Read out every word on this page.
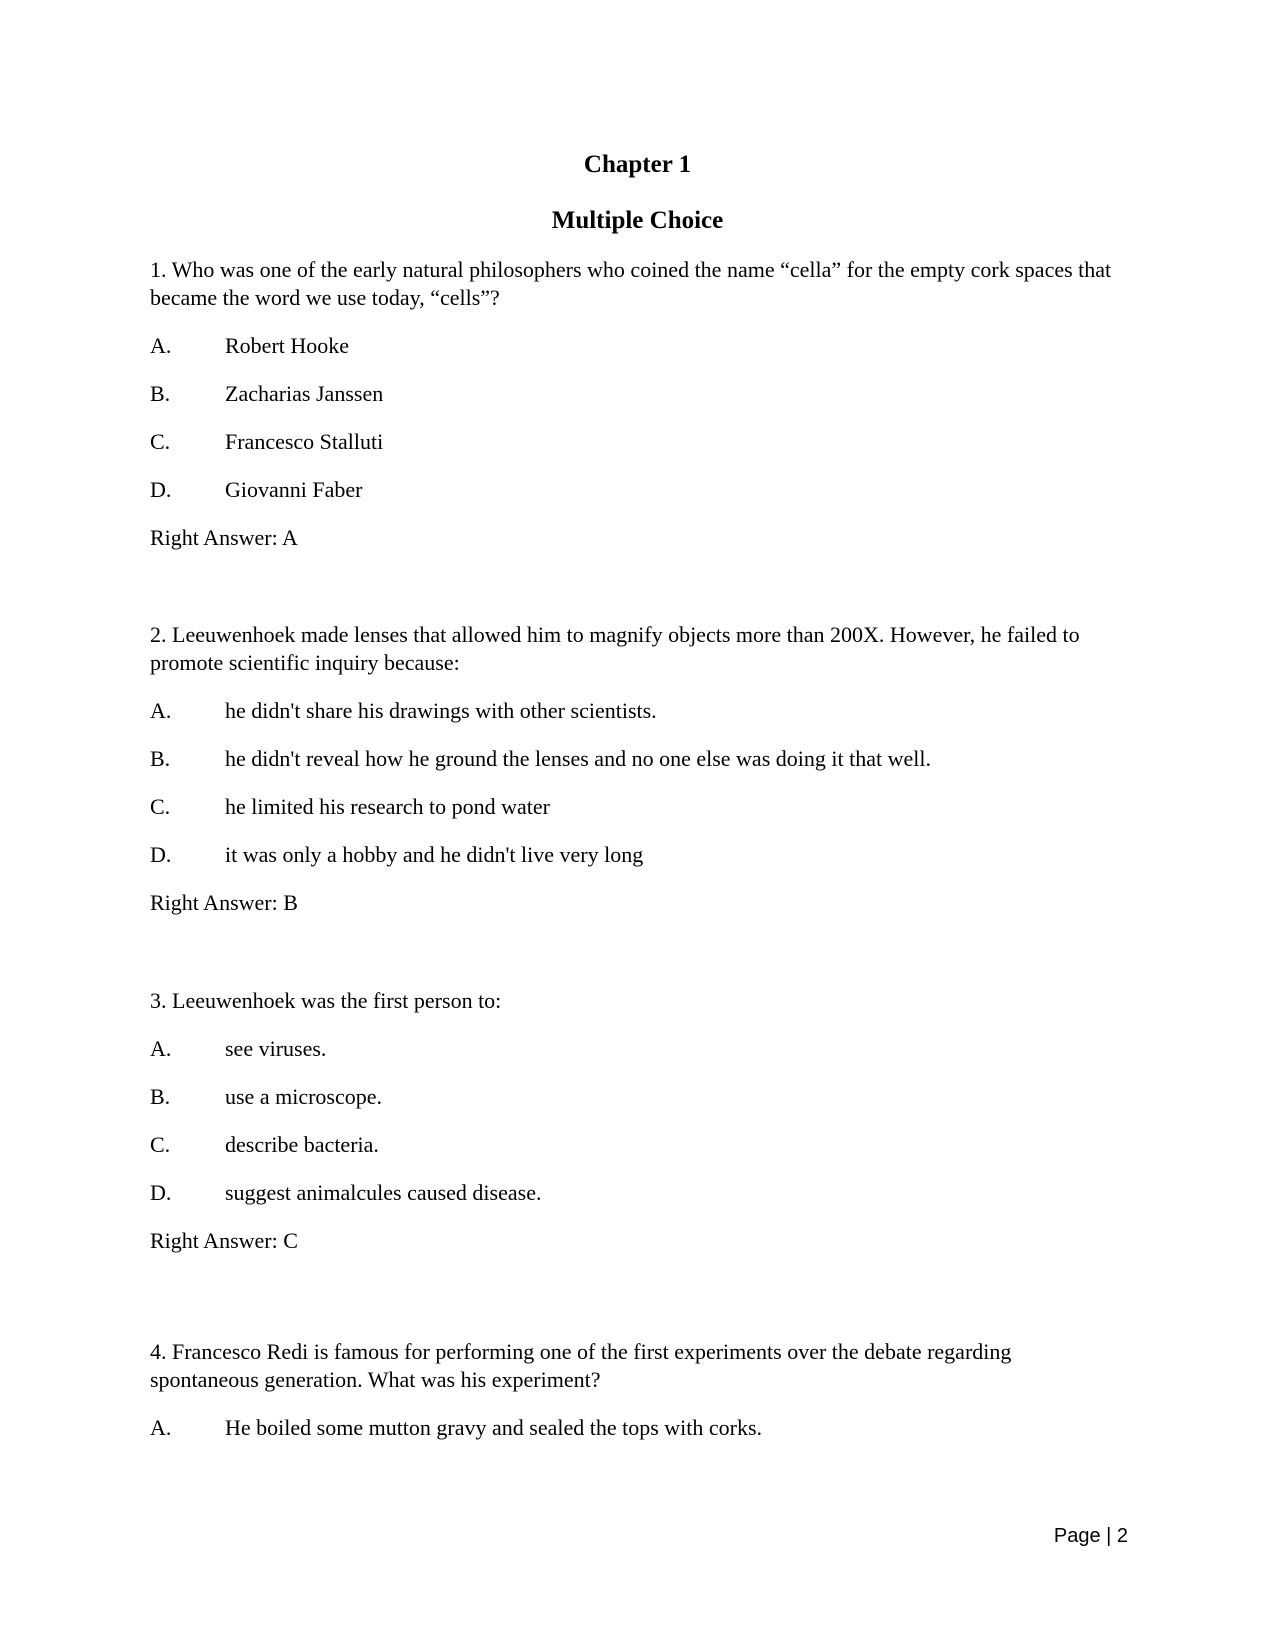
Chapter 1
Multiple Choice

1. Who was one of the early natural philosophers who coined the name “cella” for the empty cork spaces that became the word we use today, “cells”?

A.	Robert Hooke
B.	Zacharias Janssen
C.	Francesco Stalluti
D.	Giovanni Faber
Right Answer: A

2. Leeuwenhoek made lenses that allowed him to magnify objects more than 200X. However, he failed to promote scientific inquiry because:

A.	he didn't share his drawings with other scientists.
B.	he didn't reveal how he ground the lenses and no one else was doing it that well.
C.	he limited his research to pond water
D.	it was only a hobby and he didn't live very long
Right Answer: B

3. Leeuwenhoek was the first person to:

A.	see viruses.
B.	use a microscope.
C.	describe bacteria.
D.	suggest animalcules caused disease.
Right Answer: C

4. Francesco Redi is famous for performing one of the first experiments over the debate regarding spontaneous generation. What was his experiment?

A.	He boiled some mutton gravy and sealed the tops with corks.
Page | 2
